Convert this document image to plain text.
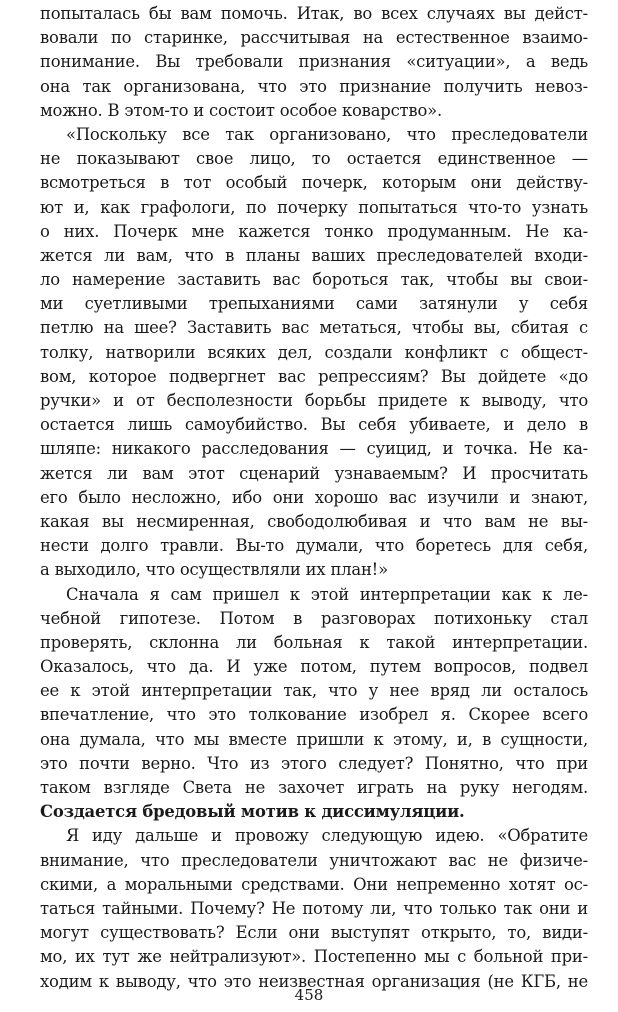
попыталась бы вам помочь. Итак, во всех случаях вы дейст-
вовали по старинке, рассчитывая на естественное взаимо-
понимание. Вы требовали признания «ситуации», а ведь
она так организована, что это признание получить невоз-
можно. В этом-то и состоит особое коварство».
«Поскольку все так организовано, что преследователи
не показывают свое лицо, то остается единственное —
всмотреться в тот особый почерк, которым они действу-
ют и, как графологи, по почерку попытаться что-то узнать
о них. Почерк мне кажется тонко продуманным. Не ка-
жется ли вам, что в планы ваших преследователей входи-
ло намерение заставить вас бороться так, чтобы вы свои-
ми суетливыми трепыханиями сами затянули у себя
петлю на шее? Заставить вас метаться, чтобы вы, сбитая с
толку, натворили всяких дел, создали конфликт с общест-
вом, которое подвергнет вас репрессиям? Вы дойдете «до
ручки» и от бесполезности борьбы придете к выводу, что
остается лишь самоубийство. Вы себя убиваете, и дело в
шляпе: никакого расследования — суицид, и точка. Не ка-
жется ли вам этот сценарий узнаваемым? И просчитать
его было несложно, ибо они хорошо вас изучили и знают,
какая вы несмиренная, свободолюбивая и что вам не вы-
нести долго травли. Вы-то думали, что боретесь для себя,
а выходило, что осуществляли их план!»
Сначала я сам пришел к этой интерпретации как к ле-
чебной гипотезе. Потом в разговорах потихоньку стал
проверять, склонна ли больная к такой интерпретации.
Оказалось, что да. И уже потом, путем вопросов, подвел
ее к этой интерпретации так, что у нее вряд ли осталось
впечатление, что это толкование изобрел я. Скорее всего
она думала, что мы вместе пришли к этому, и, в сущности,
это почти верно. Что из этого следует? Понятно, что при
таком взгляде Света не захочет играть на руку негодям.
Создается бредовый мотив к диссимуляции.
Я иду дальше и провожу следующую идею. «Обратите
внимание, что преследователи уничтожают вас не физиче-
скими, а моральными средствами. Они непременно хотят ос-
таться тайными. Почему? Не потому ли, что только так они и
могут существовать? Если они выступят открыто, то, види-
мо, их тут же нейтрализуют». Постепенно мы с больной при-
ходим к выводу, что это неизвестная организация (не КГБ, не
458
